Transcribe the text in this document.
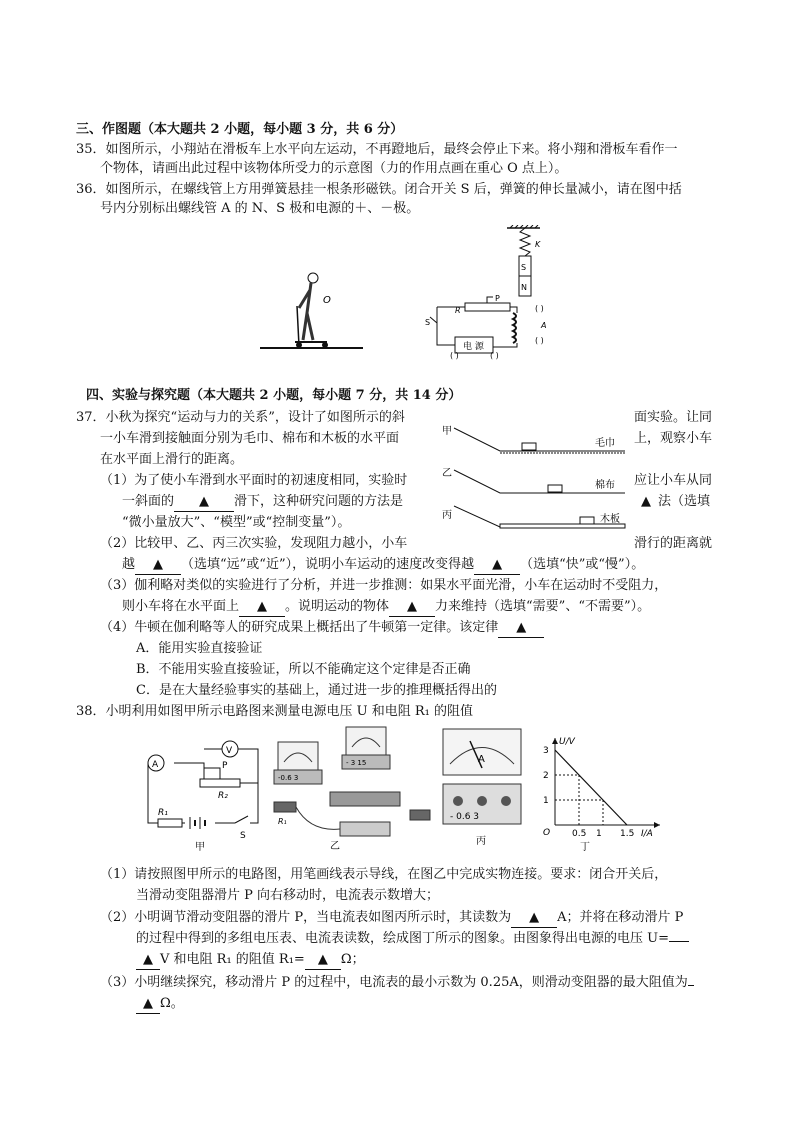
三、作图题（本大题共 2 小题，每小题 3 分，共 6 分）
35．如图所示，小翔站在滑板车上水平向左运动，不再蹬地后，最终会停止下来。将小翔和滑板车看作一
个物体，请画出此过程中该物体所受力的示意图（力的作用点画在重心 O 点上）。
36．如图所示，在螺线管上方用弹簧悬挂一根条形磁铁。闭合开关 S 后，弹簧的伸长量减小，请在图中括
号内分别标出螺线管 A 的 N、S 极和电源的＋、－极。
O
K
S
N
P
R
S
电 源
( )
A
( )
( )	( )
四、实验与探究题（本大题共 2 小题，每小题 7 分，共 14 分）
37．小秋为探究“运动与力的关系”，设计了如图所示的斜	面实验。让同
一小车滑到接触面分别为毛巾、棉布和木板的水平面	上，观察小车
在水平面上滑行的距离。
（1）为了使小车滑到水平面时的初速度相同，实验时	应让小车从同
一斜面的 ▲ 滑下，这种研究问题的方法是	▲ 法（选填
“微小量放大”、“模型”或“控制变量”）。
（2）比较甲、乙、丙三次实验，发现阻力越小，小车	滑行的距离就
越 ▲ （选填“远”或“近”），说明小车运动的速度改变得越 ▲ （选填“快”或“慢”）。
（3）伽利略对类似的实验进行了分析，并进一步推测：如果水平面光滑，小车在运动时不受阻力，
则小车将在水平面上 ▲ 。说明运动的物体 ▲ 力来维持（选填“需要”、“不需要”）。
（4）牛顿在伽利略等人的研究成果上概括出了牛顿第一定律。该定律 ▲
A．能用实验直接验证
B．不能用实验直接验证，所以不能确定这个定律是否正确
C．是在大量经验事实的基础上，通过进一步的推理概括得出的
甲
毛巾
乙
棉布
丙	木板
38．小明利用如图甲所示电路图来测量电源电压 U 和电阻 R₁ 的阻值
A
V
P
R₂
R₁
S
甲
-0.6 3
- 3 15
R₁
乙
A
- 0.6 3
丙
U/V
I/A
O
1
2
3
0.5 1 1.5
丁
（1）请按照图甲所示的电路图，用笔画线表示导线，在图乙中完成实物连接。要求：闭合开关后，
当滑动变阻器滑片 P 向右移动时，电流表示数增大；
（2）小明调节滑动变阻器的滑片 P，当电流表如图丙所示时，其读数为 ▲ A；并将在移动滑片 P
的过程中得到的多组电压表、电流表读数，绘成图丁所示的图象。由图象得出电源的电压 U=
▲ V 和电阻 R₁ 的阻值 R₁= ▲ Ω；
（3）小明继续探究，移动滑片 P 的过程中，电流表的最小示数为 0.25A，则滑动变阻器的最大阻值为
▲ Ω。
